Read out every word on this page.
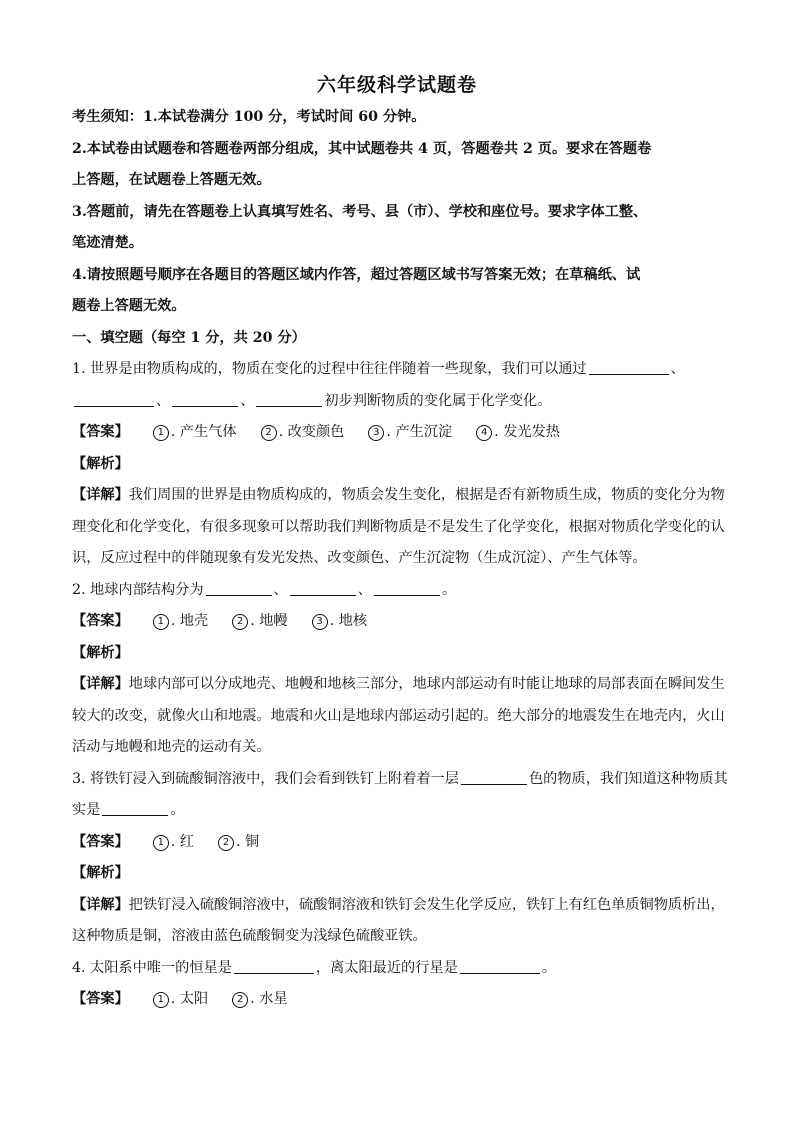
六年级科学试题卷
考生须知：1.本试卷满分 100 分，考试时间 60 分钟。
2.本试卷由试题卷和答题卷两部分组成，其中试题卷共 4 页，答题卷共 2 页。要求在答题卷
上答题，在试题卷上答题无效。
3.答题前，请先在答题卷上认真填写姓名、考号、县（市）、学校和座位号。要求字体工整、
笔迹清楚。
4.请按照题号顺序在各题目的答题区域内作答，超过答题区域书写答案无效；在草稿纸、试
题卷上答题无效。
一、填空题（每空 1 分，共 20 分）
1. 世界是由物质构成的，物质在变化的过程中往往伴随着一些现象，我们可以通过	、
、	、	初步判断物质的变化属于化学变化。
【答案】	1 . 产生气体	2 . 改变颜色	3 . 产生沉淀	4 . 发光发热
【解析】
【详解】我们周围的世界是由物质构成的，物质会发生变化，根据是否有新物质生成，物质的变化分为物
理变化和化学变化，有很多现象可以帮助我们判断物质是不是发生了化学变化，根据对物质化学变化的认
识，反应过程中的伴随现象有发光发热、改变颜色、产生沉淀物（生成沉淀）、产生气体等。
2. 地球内部结构分为	、	、	。
【答案】	1 . 地壳	2 . 地幔	3 . 地核
【解析】
【详解】地球内部可以分成地壳、地幔和地核三部分，地球内部运动有时能让地球的局部表面在瞬间发生
较大的改变，就像火山和地震。地震和火山是地球内部运动引起的。绝大部分的地震发生在地壳内，火山
活动与地幔和地壳的运动有关。
3. 将铁钉浸入到硫酸铜溶液中，我们会看到铁钉上附着着一层	色的物质，我们知道这种物质其
实是	。
【答案】	1 . 红	2 . 铜
【解析】
【详解】把铁钉浸入硫酸铜溶液中，硫酸铜溶液和铁钉会发生化学反应，铁钉上有红色单质铜物质析出，
这种物质是铜，溶液由蓝色硫酸铜变为浅绿色硫酸亚铁。
4. 太阳系中唯一的恒星是	，离太阳最近的行星是	。
【答案】	1 . 太阳	2 . 水星
